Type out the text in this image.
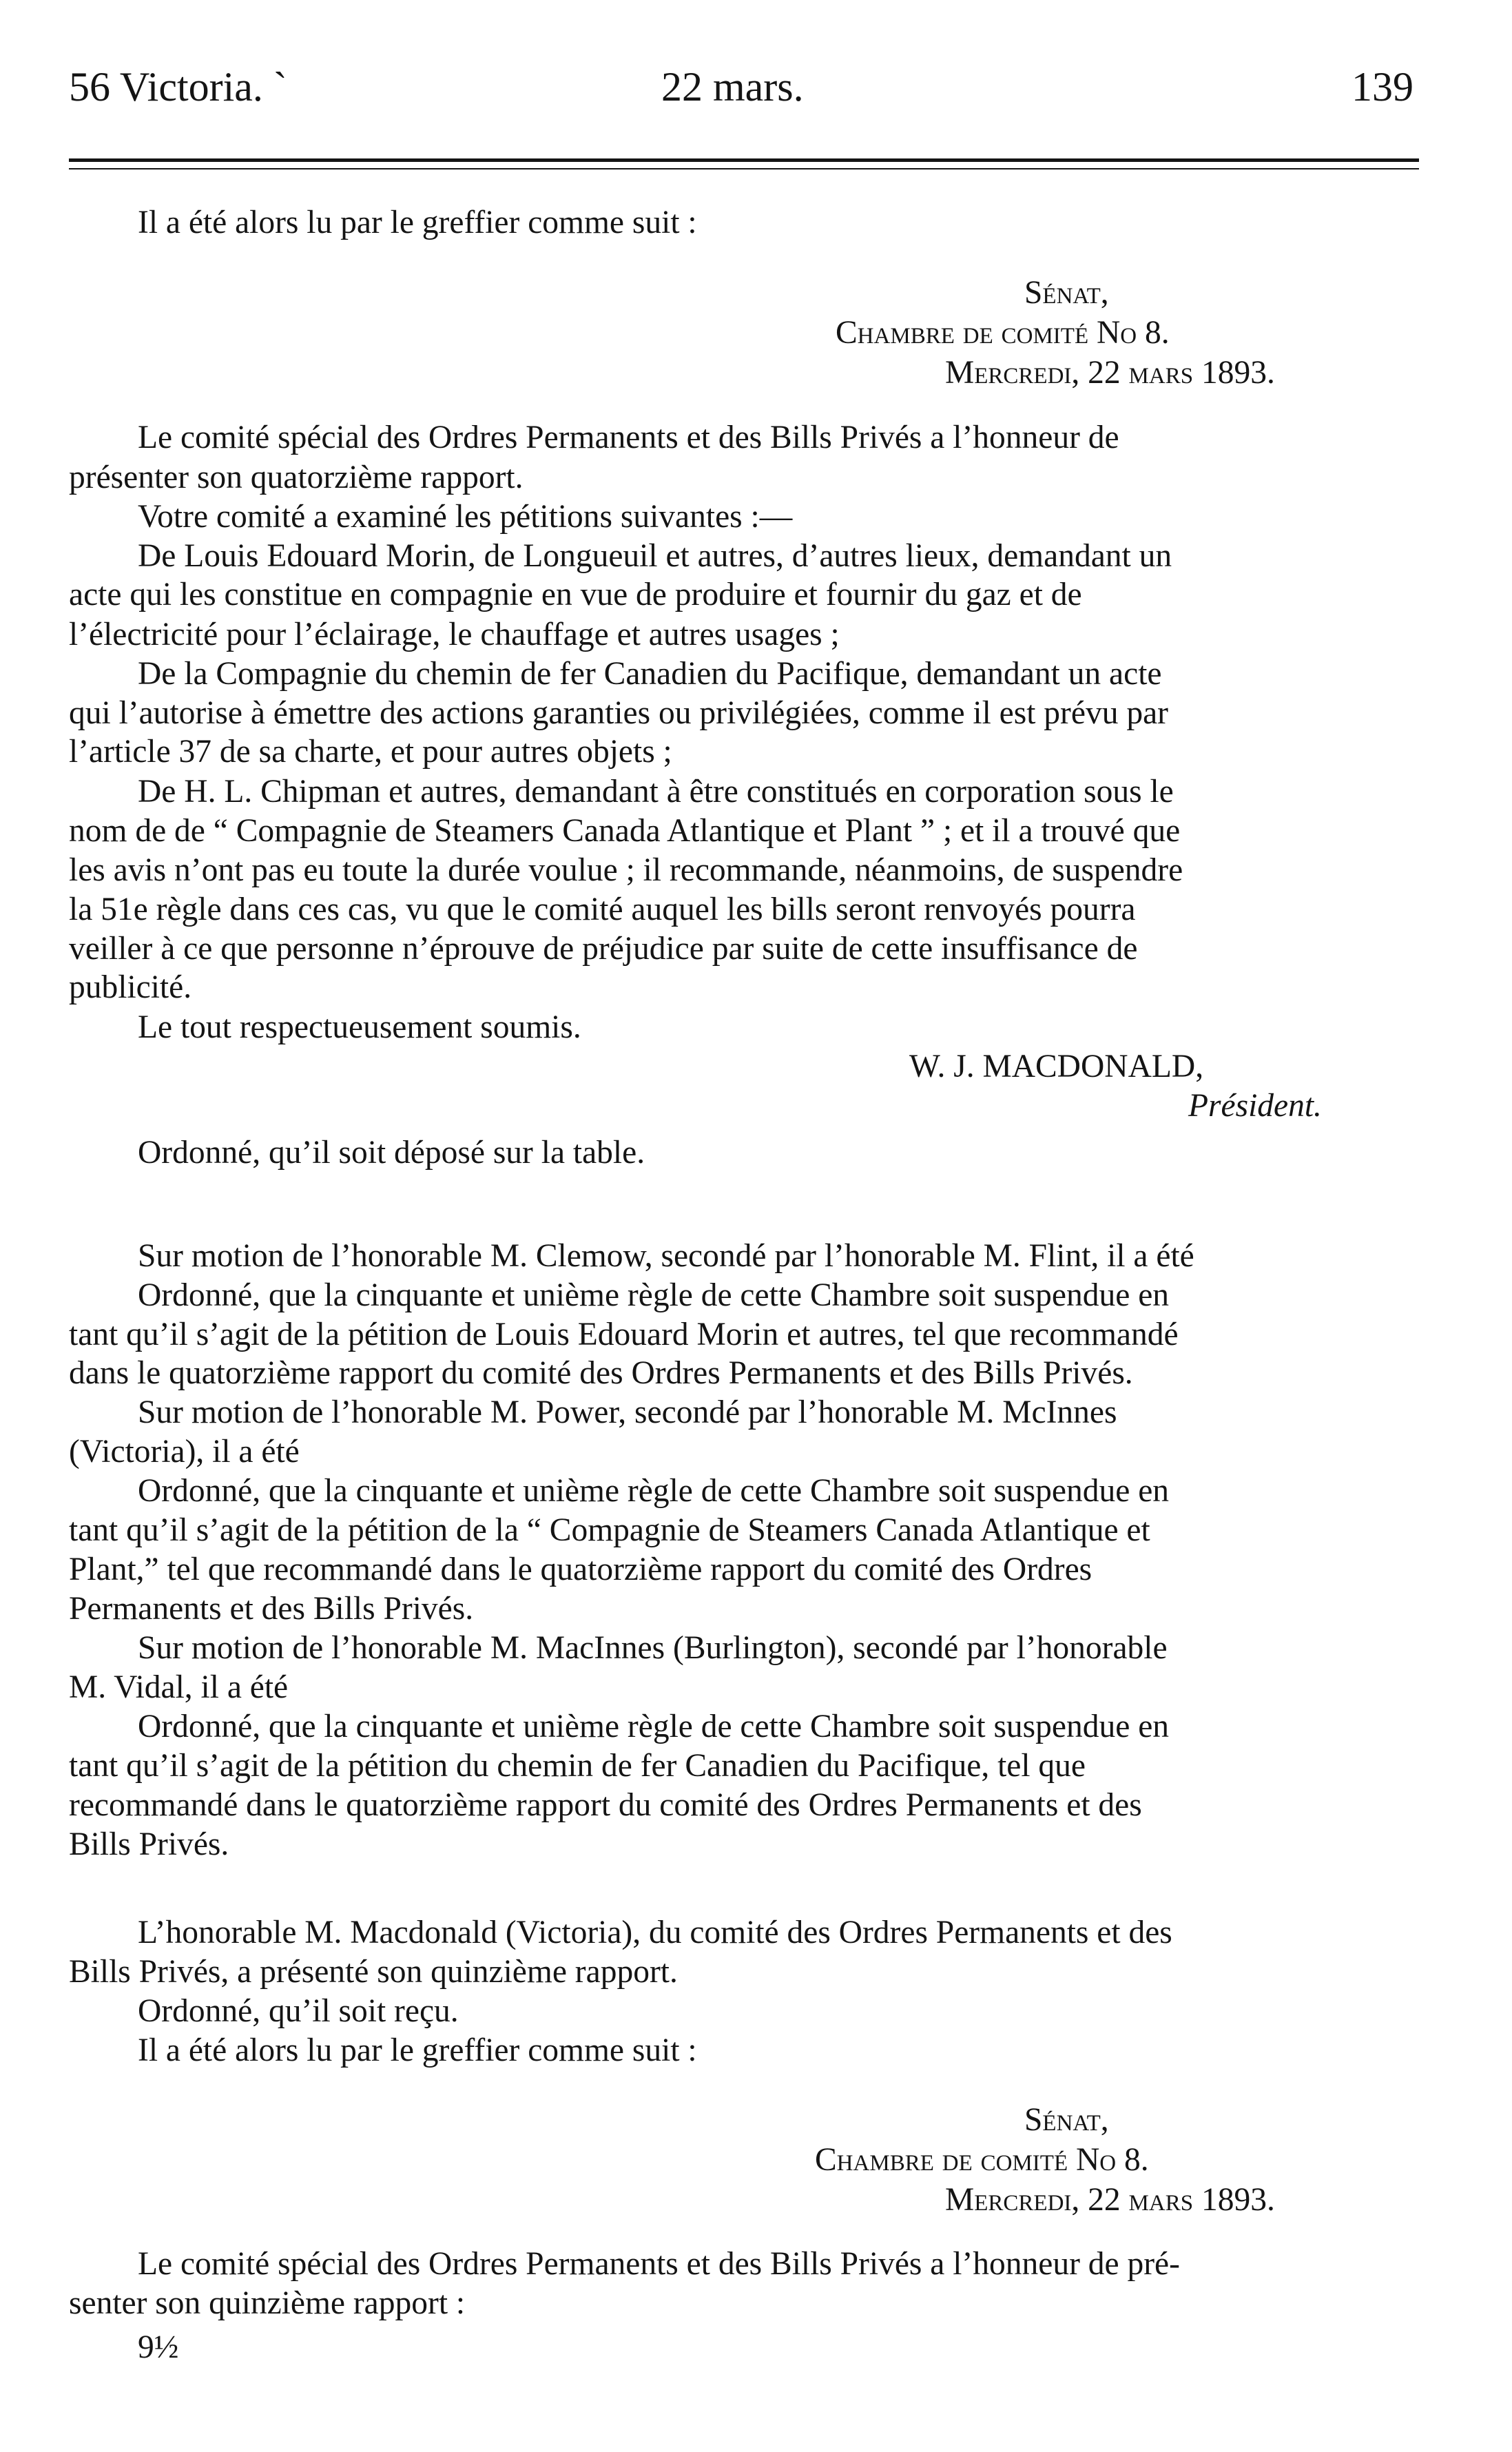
56 Victoria. `	22 mars.	139
Il a été alors lu par le greffier comme suit :
Sénat,
Chambre de comité No 8.
Mercredi, 22 mars 1893.
Le comité spécial des Ordres Permanents et des Bills Privés a l’honneur de
présenter son quatorzième rapport.
Votre comité a examiné les pétitions suivantes :—
De Louis Edouard Morin, de Longueuil et autres, d’autres lieux, demandant un
acte qui les constitue en compagnie en vue de produire et fournir du gaz et de
l’électricité pour l’éclairage, le chauffage et autres usages ;
De la Compagnie du chemin de fer Canadien du Pacifique, demandant un acte
qui l’autorise à émettre des actions garanties ou privilégiées, comme il est prévu par
l’article 37 de sa charte, et pour autres objets ;
De H. L. Chipman et autres, demandant à être constitués en corporation sous le
nom de de “ Compagnie de Steamers Canada Atlantique et Plant ” ; et il a trouvé que
les avis n’ont pas eu toute la durée voulue ; il recommande, néanmoins, de suspendre
la 51e règle dans ces cas, vu que le comité auquel les bills seront renvoyés pourra
veiller à ce que personne n’éprouve de préjudice par suite de cette insuffisance de
publicité.
Le tout respectueusement soumis.
W. J. MACDONALD,
Président.
Ordonné, qu’il soit déposé sur la table.
Sur motion de l’honorable M. Clemow, secondé par l’honorable M. Flint, il a été
Ordonné, que la cinquante et unième règle de cette Chambre soit suspendue en
tant qu’il s’agit de la pétition de Louis Edouard Morin et autres, tel que recommandé
dans le quatorzième rapport du comité des Ordres Permanents et des Bills Privés.
Sur motion de l’honorable M. Power, secondé par l’honorable M. McInnes
(Victoria), il a été
Ordonné, que la cinquante et unième règle de cette Chambre soit suspendue en
tant qu’il s’agit de la pétition de la “ Compagnie de Steamers Canada Atlantique et
Plant,” tel que recommandé dans le quatorzième rapport du comité des Ordres
Permanents et des Bills Privés.
Sur motion de l’honorable M. MacInnes (Burlington), secondé par l’honorable
M. Vidal, il a été
Ordonné, que la cinquante et unième règle de cette Chambre soit suspendue en
tant qu’il s’agit de la pétition du chemin de fer Canadien du Pacifique, tel que
recommandé dans le quatorzième rapport du comité des Ordres Permanents et des
Bills Privés.
L’honorable M. Macdonald (Victoria), du comité des Ordres Permanents et des
Bills Privés, a présenté son quinzième rapport.
Ordonné, qu’il soit reçu.
Il a été alors lu par le greffier comme suit :
Sénat,
Chambre de comité No 8.
Mercredi, 22 mars 1893.
Le comité spécial des Ordres Permanents et des Bills Privés a l’honneur de pré-
senter son quinzième rapport :
9½
